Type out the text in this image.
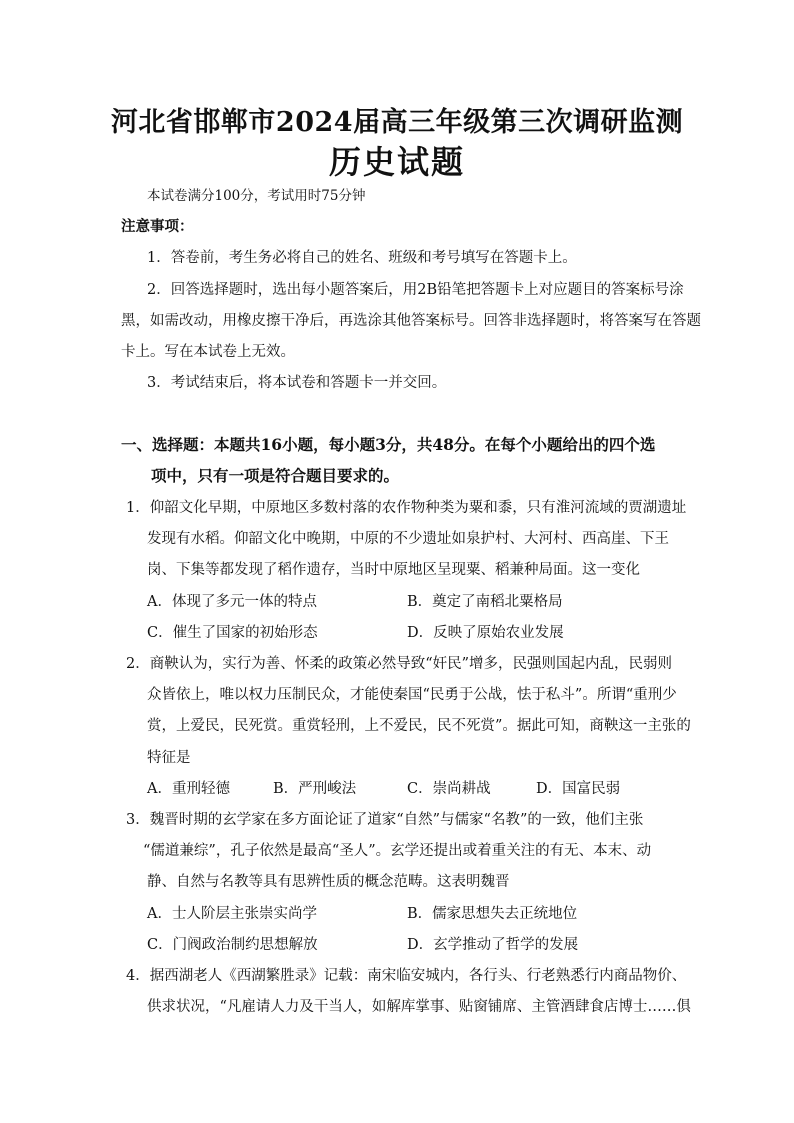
河北省邯郸市2024届高三年级第三次调研监测
历史试题
本试卷满分100分，考试用时75分钟
注意事项：
1．答卷前，考生务必将自己的姓名、班级和考号填写在答题卡上。
2．回答选择题时，选出每小题答案后，用2B铅笔把答题卡上对应题目的答案标号涂
黑，如需改动，用橡皮擦干净后，再选涂其他答案标号。回答非选择题时，将答案写在答题
卡上。写在本试卷上无效。
3．考试结束后，将本试卷和答题卡一并交回。
一、选择题：本题共16小题，每小题3分，共48分。在每个小题给出的四个选
项中，只有一项是符合题目要求的。
1．仰韶文化早期，中原地区多数村落的农作物种类为粟和黍，只有淮河流域的贾湖遗址
发现有水稻。仰韶文化中晚期，中原的不少遗址如泉护村、大河村、西高崖、下王
岗、下集等都发现了稻作遗存，当时中原地区呈现粟、稻兼种局面。这一变化
A．体现了多元一体的特点	B．奠定了南稻北粟格局
C．催生了国家的初始形态	D．反映了原始农业发展
2．商鞅认为，实行为善、怀柔的政策必然导致“奸民”增多，民强则国起内乱，民弱则
众皆依上，唯以权力压制民众，才能使秦国“民勇于公战，怯于私斗”。所谓“重刑少
赏，上爱民，民死赏。重赏轻刑，上不爱民，民不死赏”。据此可知，商鞅这一主张的
特征是
A．重刑轻德	B．严刑峻法	C．崇尚耕战	D．国富民弱
3．魏晋时期的玄学家在多方面论证了道家“自然”与儒家“名教”的一致，他们主张
“儒道兼综”，孔子依然是最高“圣人”。玄学还提出或着重关注的有无、本末、动
静、自然与名教等具有思辨性质的概念范畴。这表明魏晋
A．士人阶层主张崇实尚学	B．儒家思想失去正统地位
C．门阀政治制约思想解放	D．玄学推动了哲学的发展
4．据西湖老人《西湖繁胜录》记载：南宋临安城内，各行头、行老熟悉行内商品物价、
供求状况，“凡雇请人力及干当人，如解库掌事、贴窗铺席、主管酒肆食店博士……俱
